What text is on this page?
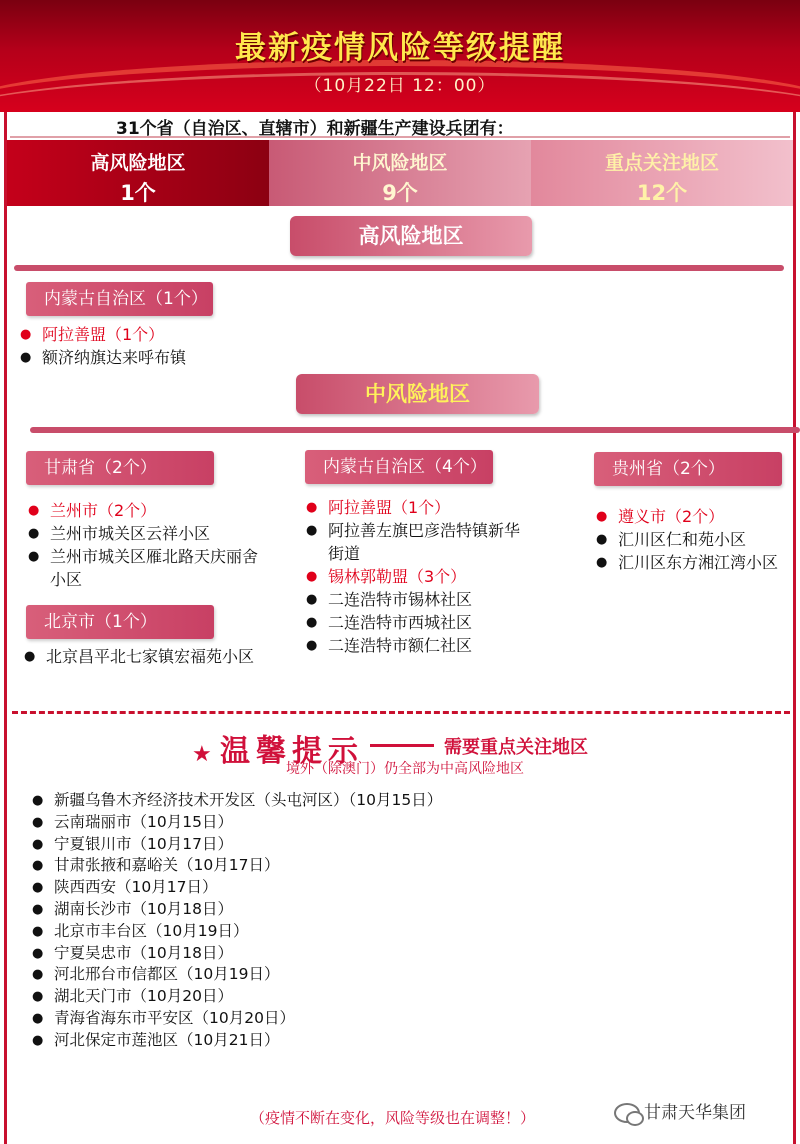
最新疫情风险等级提醒
（10月22日 12：00）
31个省（自治区、直辖市）和新疆生产建设兵团有：
高风险地区
1个
中风险地区
9个
重点关注地区
12个
高风险地区
内蒙古自治区（1个）
● 阿拉善盟（1个）
● 额济纳旗达来呼布镇
中风险地区
甘肃省（2个）
● 兰州市（2个）
● 兰州市城关区云祥小区
● 兰州市城关区雁北路天庆丽舍小区
北京市（1个）
● 北京昌平北七家镇宏福苑小区
内蒙古自治区（4个）
● 阿拉善盟（1个）
● 阿拉善左旗巴彦浩特镇新华街道
● 锡林郭勒盟（3个）
● 二连浩特市锡林社区
● 二连浩特市西城社区
● 二连浩特市额仁社区
贵州省（2个）
● 遵义市（2个）
● 汇川区仁和苑小区
● 汇川区东方湘江湾小区
★ 温馨提示	需要重点关注地区
境外（除澳门）仍全部为中高风险地区
● 新疆乌鲁木齐经济技术开发区（头屯河区）（10月15日）
● 云南瑞丽市（10月15日）
● 宁夏银川市（10月17日）
● 甘肃张掖和嘉峪关（10月17日）
● 陕西西安（10月17日）
● 湖南长沙市（10月18日）
● 北京市丰台区（10月19日）
● 宁夏吴忠市（10月18日）
● 河北邢台市信都区（10月19日）
● 湖北天门市（10月20日）
● 青海省海东市平安区（10月20日）
● 河北保定市莲池区（10月21日）
（疫情不断在变化，风险等级也在调整！）	甘肃天华集团
